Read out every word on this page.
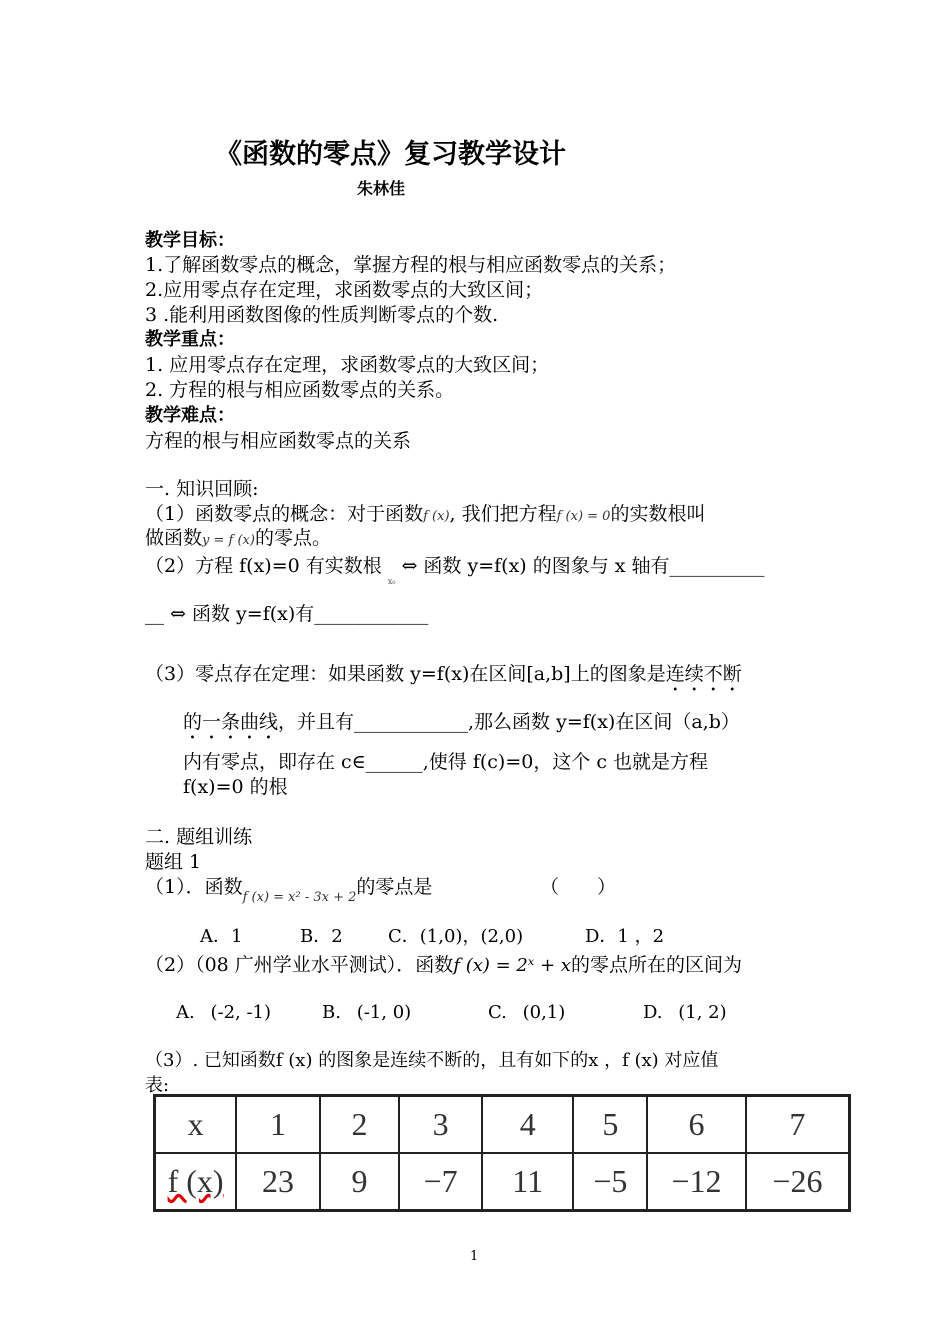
《函数的零点》复习教学设计
朱林佳
教学目标：
1.了解函数零点的概念，掌握方程的根与相应函数零点的关系；
2.应用零点存在定理，求函数零点的大致区间；
3 .能利用函数图像的性质判断零点的个数.
教学重点：
1. 应用零点存在定理，求函数零点的大致区间；
2. 方程的根与相应函数零点的关系。
教学难点：
方程的根与相应函数零点的关系
一. 知识回顾:
（1）函数零点的概念：对于函数f (x), 我们把方程f (x) = 0的实数根叫
做函数y = f (x)的零点。
（2）方程 f(x)=0 有实数根$_{x_0}$⇔ 函数 y=f(x) 的图象与 x 轴有__________
__ ⇔ 函数 y=f(x)有____________
（3）零点存在定理：如果函数 y=f(x)在区间[a,b]上的图象是连续不断
的一条曲线，并且有____________,那么函数 y=f(x)在区间（a,b）
内有零点，即存在 c∈______,使得 f(c)=0，这个 c 也就是方程
f(x)=0 的根
二. 题组训练
题组 1
（1）．函数$_{f (x) = x^2 - 3x + 2}$的零点是	（　　）
A．1	B．2	C．(1,0)，(2,0)	D．1 ，2
（2）（08 广州学业水平测试）．函数f (x) = 2ˣ + x的零点所在的区间为
A. (-2, -1)	B. (-1, 0)	C. (0,1)	D. (1, 2)
（3）. 已知函数f (x) 的图象是连续不断的，且有如下的x ，f (x) 对应值
表:
x	1	2	3	4	5	6	7
f (x)	23	9	−7	11	−5	−12	−26
1
